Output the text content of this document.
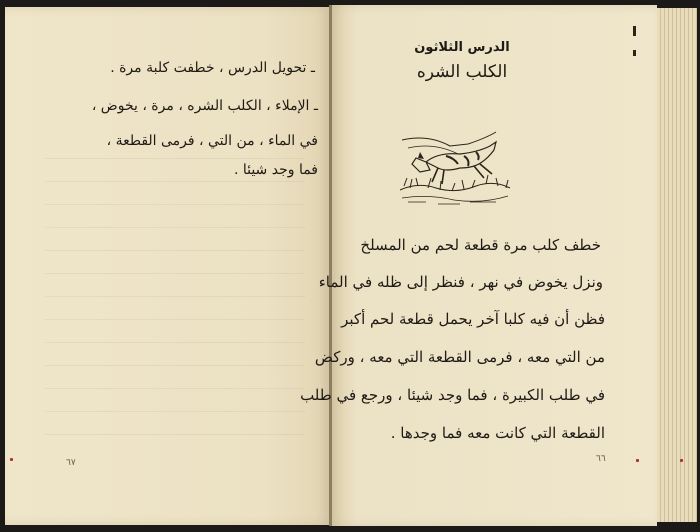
ـ تحويل الدرس ، خطفت كلبة مرة .
ـ الإملاء ، الكلب الشره ، مرة ، يخوض ،
في الماء ، من التي ، فرمى القطعة ،
فما وجد شيئا .
٦٧
الدرس الثلاثون
الكلب الشره
خطف كلب مرة قطعة لحم من المسلخ
ونزل يخوض في نهر ، فنظر إلى ظله في الماء
فظن أن فيه كلبا آخر يحمل قطعة لحم أكبر
من التي معه ، فرمى القطعة التي معه ، وركض
في طلب الكبيرة ، فما وجد شيئا ، ورجع في طلب
القطعة التي كانت معه فما وجدها .
٦٦
